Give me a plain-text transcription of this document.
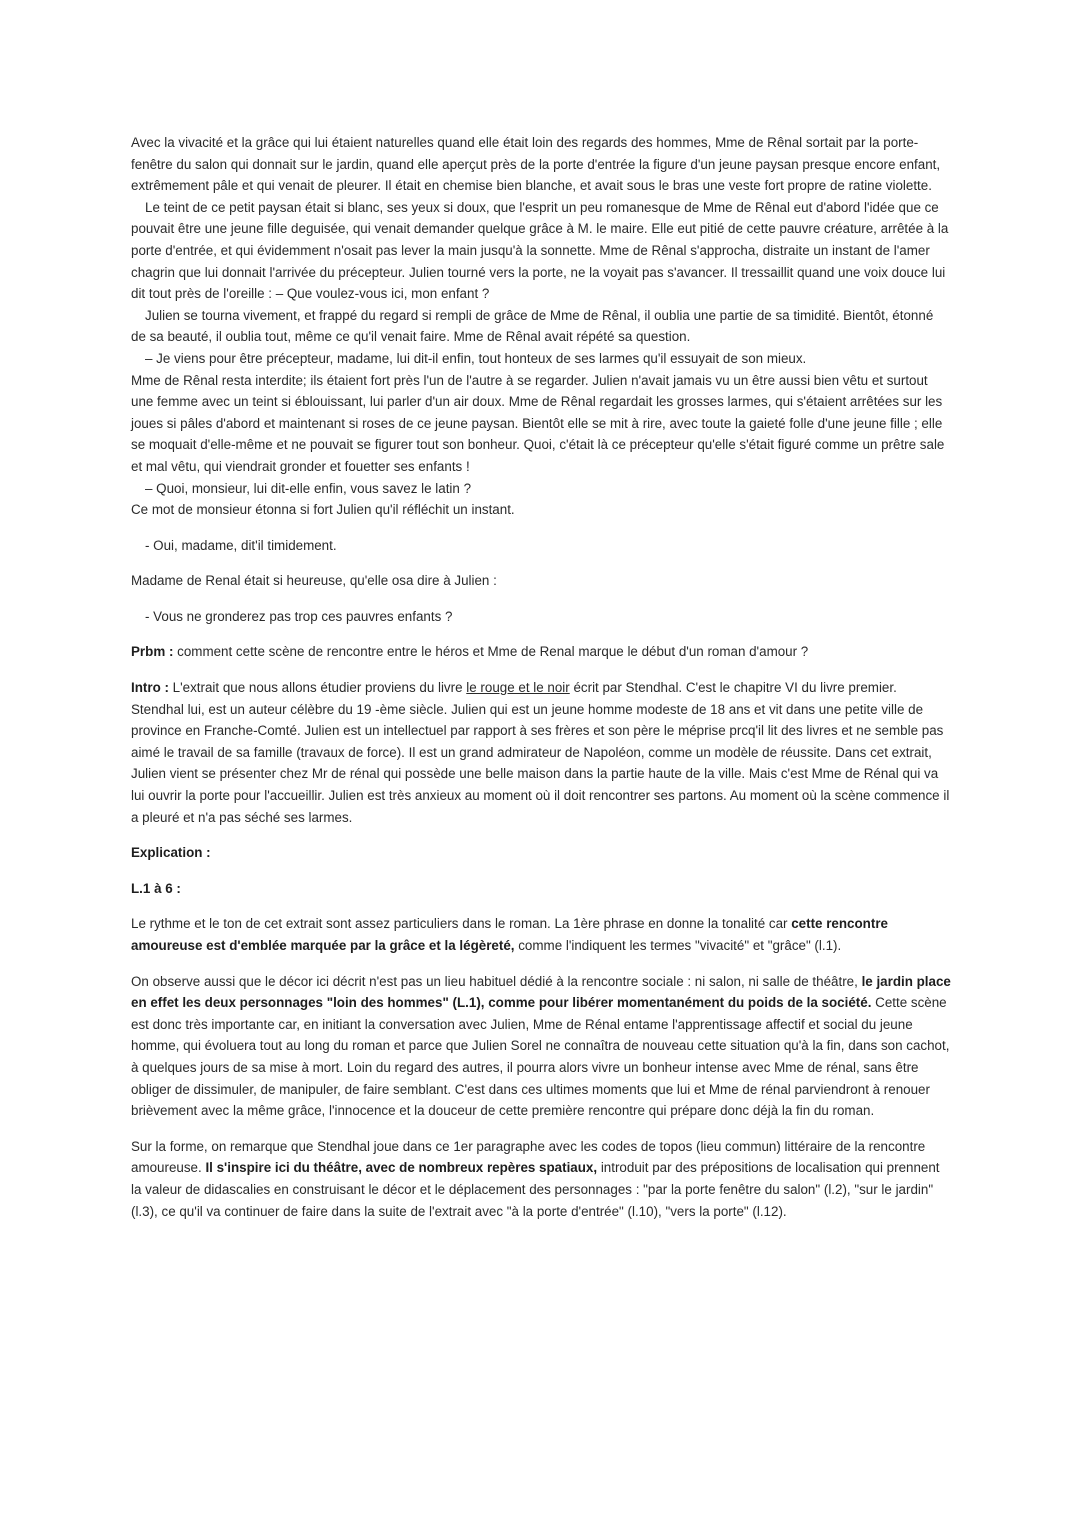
Avec la vivacité et la grâce qui lui étaient naturelles quand elle était loin des regards des hommes, Mme de Rênal sortait par la porte-fenêtre du salon qui donnait sur le jardin, quand elle aperçut près de la porte d'entrée la figure d'un jeune paysan presque encore enfant, extrêmement pâle et qui venait de pleurer. Il était en chemise bien blanche, et avait sous le bras une veste fort propre de ratine violette.

Le teint de ce petit paysan était si blanc, ses yeux si doux, que l'esprit un peu romanesque de Mme de Rênal eut d'abord l'idée que ce pouvait être une jeune fille deguisée, qui venait demander quelque grâce à M. le maire. Elle eut pitié de cette pauvre créature, arrêtée à la porte d'entrée, et qui évidemment n'osait pas lever la main jusqu'à la sonnette. Mme de Rênal s'approcha, distraite un instant de l'amer chagrin que lui donnait l'arrivée du précepteur. Julien tourné vers la porte, ne la voyait pas s'avancer. Il tressaillit quand une voix douce lui dit tout près de l'oreille : – Que voulez-vous ici, mon enfant ?

Julien se tourna vivement, et frappé du regard si rempli de grâce de Mme de Rênal, il oublia une partie de sa timidité. Bientôt, étonné de sa beauté, il oublia tout, même ce qu'il venait faire. Mme de Rênal avait répété sa question.

– Je viens pour être précepteur, madame, lui dit-il enfin, tout honteux de ses larmes qu'il essuyait de son mieux.

Mme de Rênal resta interdite; ils étaient fort près l'un de l'autre à se regarder. Julien n'avait jamais vu un être aussi bien vêtu et surtout une femme avec un teint si éblouissant, lui parler d'un air doux. Mme de Rênal regardait les grosses larmes, qui s'étaient arrêtées sur les joues si pâles d'abord et maintenant si roses de ce jeune paysan. Bientôt elle se mit à rire, avec toute la gaieté folle d'une jeune fille ; elle se moquait d'elle-même et ne pouvait se figurer tout son bonheur. Quoi, c'était là ce précepteur qu'elle s'était figuré comme un prêtre sale et mal vêtu, qui viendrait gronder et fouetter ses enfants !

– Quoi, monsieur, lui dit-elle enfin, vous savez le latin ?

Ce mot de monsieur étonna si fort Julien qu'il réfléchit un instant.

- Oui, madame, dit'il timidement.

Madame de Renal était si heureuse, qu'elle osa dire à Julien :

- Vous ne gronderez pas trop ces pauvres enfants ?

Prbm : comment cette scène de rencontre entre le héros et Mme de Renal marque le début d'un roman d'amour ?

Intro : L'extrait que nous allons étudier proviens du livre le rouge et le noir écrit par Stendhal. C'est le chapitre VI du livre premier. Stendhal lui, est un auteur célèbre du 19 -ème siècle. Julien qui est un jeune homme modeste de 18 ans et vit dans une petite ville de province en Franche-Comté. Julien est un intellectuel par rapport à ses frères et son père le méprise prcq'il lit des livres et ne semble pas aimé le travail de sa famille (travaux de force). Il est un grand admirateur de Napoléon, comme un modèle de réussite. Dans cet extrait, Julien vient se présenter chez Mr de rénal qui possède une belle maison dans la partie haute de la ville. Mais c'est Mme de Rénal qui va lui ouvrir la porte pour l'accueillir. Julien est très anxieux au moment où il doit rencontrer ses partons. Au moment où la scène commence il a pleuré et n'a pas séché ses larmes.

Explication :

L.1 à 6 :

Le rythme et le ton de cet extrait sont assez particuliers dans le roman. La 1ère phrase en donne la tonalité car cette rencontre amoureuse est d'emblée marquée par la grâce et la légèreté, comme l'indiquent les termes "vivacité" et "grâce" (l.1).

On observe aussi que le décor ici décrit n'est pas un lieu habituel dédié à la rencontre sociale : ni salon, ni salle de théâtre, le jardin place en effet les deux personnages "loin des hommes" (L.1), comme pour libérer momentanément du poids de la société. Cette scène est donc très importante car, en initiant la conversation avec Julien, Mme de Rénal entame l'apprentissage affectif et social du jeune homme, qui évoluera tout au long du roman et parce que Julien Sorel ne connaîtra de nouveau cette situation qu'à la fin, dans son cachot, à quelques jours de sa mise à mort. Loin du regard des autres, il pourra alors vivre un bonheur intense avec Mme de rénal, sans être obliger de dissimuler, de manipuler, de faire semblant. C'est dans ces ultimes moments que lui et Mme de rénal parviendront à renouer brièvement avec la même grâce, l'innocence et la douceur de cette première rencontre qui prépare donc déjà la fin du roman.

Sur la forme, on remarque que Stendhal joue dans ce 1er paragraphe avec les codes de topos (lieu commun) littéraire de la rencontre amoureuse. Il s'inspire ici du théâtre, avec de nombreux repères spatiaux, introduit par des prépositions de localisation qui prennent la valeur de didascalies en construisant le décor et le déplacement des personnages : "par la porte fenêtre du salon" (l.2), "sur le jardin" (l.3), ce qu'il va continuer de faire dans la suite de l'extrait avec "à la porte d'entrée" (l.10), "vers la porte" (l.12).
